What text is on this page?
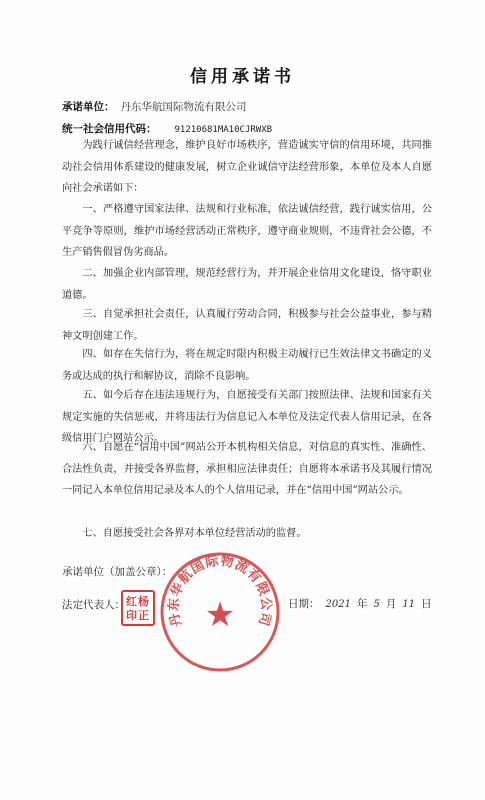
信用承诺书
承诺单位： 丹东华航国际物流有限公司
统一社会信用代码： 91210681MA10CJRWXB
为践行诚信经营理念，维护良好市场秩序，营造诚实守信的信用环境，共同推动社会信用体系建设的健康发展，树立企业诚信守法经营形象，本单位及本人自愿向社会承诺如下：
一、严格遵守国家法律、法规和行业标准，依法诚信经营，践行诚实信用，公平竞争等原则，维护市场经营活动正常秩序，遵守商业规则，不违背社会公德，不生产销售假冒伪劣商品。
二、加强企业内部管理，规范经营行为，并开展企业信用文化建设，恪守职业道德。
三、自觉承担社会责任，认真履行劳动合同，积极参与社会公益事业，参与精神文明创建工作。
四、如存在失信行为，将在规定时限内积极主动履行已生效法律文书确定的义务或达成的执行和解协议，消除不良影响。
五、如今后存在违法违规行为，自愿接受有关部门按照法律、法规和国家有关规定实施的失信惩戒，并将违法行为信息记入本单位及法定代表人信用记录，在各级信用门户网站公示。
六、自愿在“信用中国”网站公开本机构相关信息，对信息的真实性、准确性、合法性负责，并接受各界监督，承担相应法律责任；自愿将本承诺书及其履行情况一同记入本单位信用记录及本人的个人信用记录，并在“信用中国”网站公示。
七、自愿接受社会各界对本单位经营活动的监督。
承诺单位（加盖公章）：
法定代表人：	日期： 2021 年 5 月 11 日
丹东华航国际物流有限公司
★
红杨
印正
